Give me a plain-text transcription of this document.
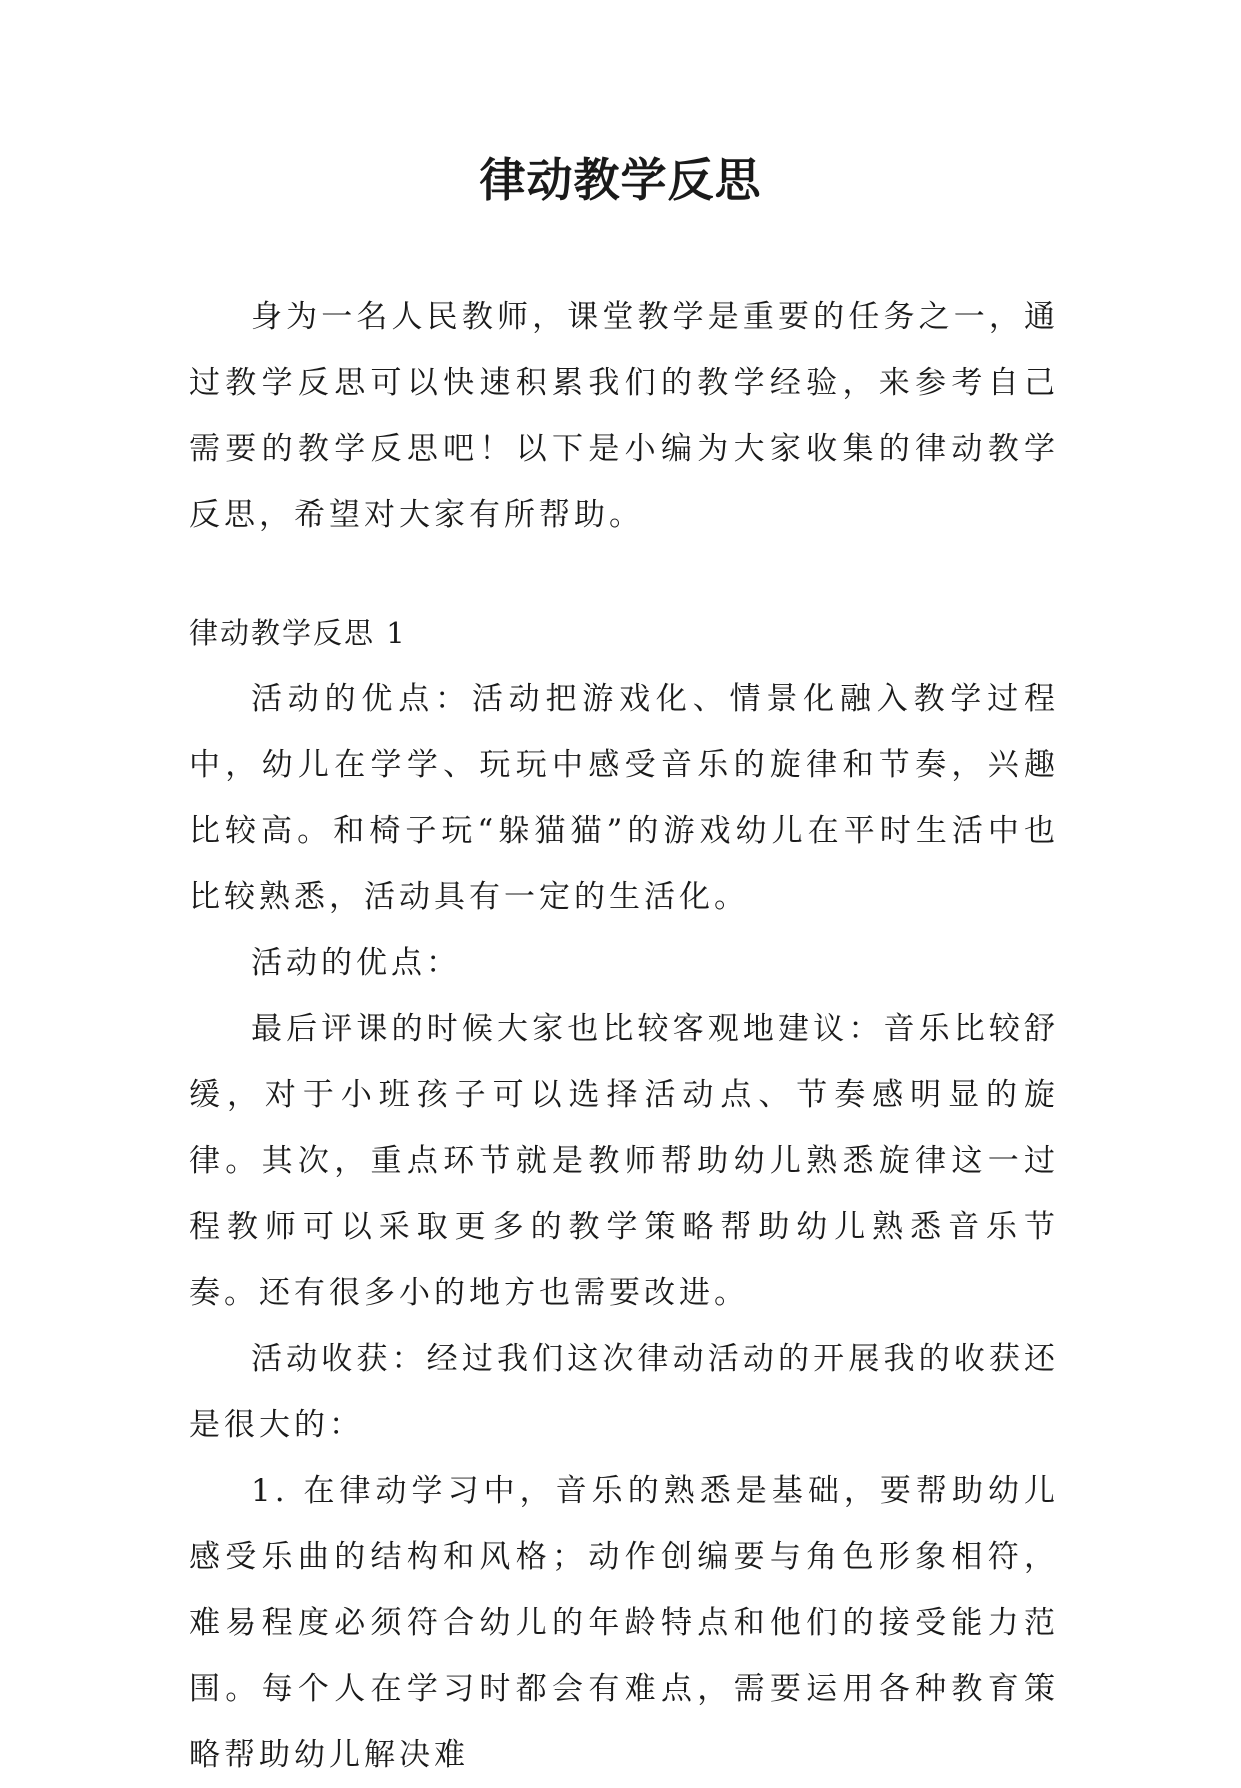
律动教学反思

身为一名人民教师，课堂教学是重要的任务之一，通过教学反思可以快速积累我们的教学经验，来参考自己需要的教学反思吧！以下是小编为大家收集的律动教学反思，希望对大家有所帮助。

律动教学反思 1

活动的优点：活动把游戏化、情景化融入教学过程中，幼儿在学学、玩玩中感受音乐的旋律和节奏，兴趣比较高。和椅子玩“躲猫猫”的游戏幼儿在平时生活中也比较熟悉，活动具有一定的生活化。

活动的优点：

最后评课的时候大家也比较客观地建议：音乐比较舒缓，对于小班孩子可以选择活动点、节奏感明显的旋律。其次，重点环节就是教师帮助幼儿熟悉旋律这一过程教师可以采取更多的教学策略帮助幼儿熟悉音乐节奏。还有很多小的地方也需要改进。

活动收获：经过我们这次律动活动的开展我的收获还是很大的：

1. 在律动学习中，音乐的熟悉是基础，要帮助幼儿感受乐曲的结构和风格；动作创编要与角色形象相符，难易程度必须符合幼儿的年龄特点和他们的接受能力范围。每个人在学习时都会有难点，需要运用各种教育策略帮助幼儿解决难
